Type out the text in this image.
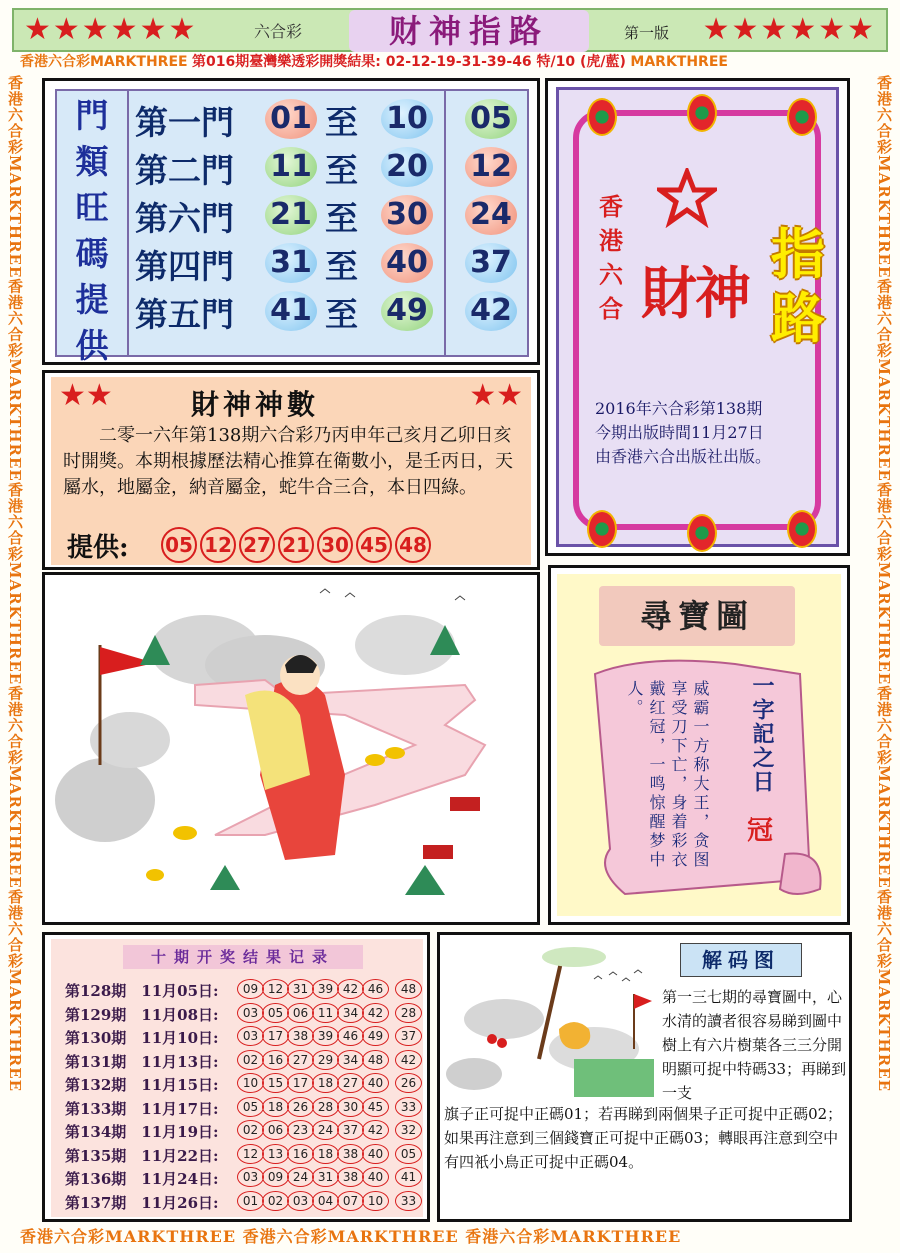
★★★★★★	六合彩	财神指路	第一版 ★★★★★★
香港六合彩MARKTHREE 第016期臺灣樂透彩開獎結果: 02-12-19-31-39-46 特/10 (虎/藍) MARKTHREE
香港六合彩MARKTHREE香港六合彩MARKTHREE香港六合彩MARKTHREE香港六合彩MARKTHREE香港六合彩MARKTHREE	香港六合彩MARKTHREE香港六合彩MARKTHREE香港六合彩MARKTHREE香港六合彩MARKTHREE香港六合彩MARKTHREE
香港六合彩MARKTHREE 香港六合彩MARKTHREE 香港六合彩MARKTHREE
門
類
旺
碼
提
供
第一門 01 至 10 05
第二門 11 至 20 12
第六門 21 至 30 24
第四門 31 至 40 37
第五門 41 至 49 42
香港六合 財神
指路
2016年六合彩第138期
今期出版時間11月27日
由香港六合出版社出版。
★★	財神神數	★★
二零一六年第138期六合彩乃丙申年己亥月乙卯日亥时開獎。本期根據歷法精心推算在衛數小，是壬丙日，天屬水，地屬金，納音屬金，蛇牛合三合，本日四綠。
提供: 05 12 27 21 30 45 48
尋寶圖
威霸一方称大王，贪图享受刀下亡，身着彩衣戴红冠，一鸣惊醒梦中人。	一字記之日
冠
十期开奖结果记录
第128期　11月05日:	09 12 31 39 42 46	48
第129期　11月08日:	03 05 06 11 34 42	28
第130期　11月10日:	03 17 38 39 46 49	37
第131期　11月13日:	02 16 27 29 34 48	42
第132期　11月15日:	10 15 17 18 27 40	26
第133期　11月17日:	05 18 26 28 30 45	33
第134期　11月19日:	02 06 23 24 37 42	32
第135期　11月22日:	12 13 16 18 38 40	05
第136期　11月24日:	03 09 24 31 38 40	41
第137期　11月26日:	01 02 03 04 07 10	33
解码图
第一三七期的尋寶圖中，心水清的讀者很容易睇到圖中樹上有六片樹葉各三三分開明顯可捉中特碼33；再睇到一支
旗子正可捉中正碼01；若再睇到兩個果子正可捉中正碼02；如果再注意到三個錢寶正可捉中正碼03；轉眼再注意到空中有四衹小鳥正可捉中正碼04。
